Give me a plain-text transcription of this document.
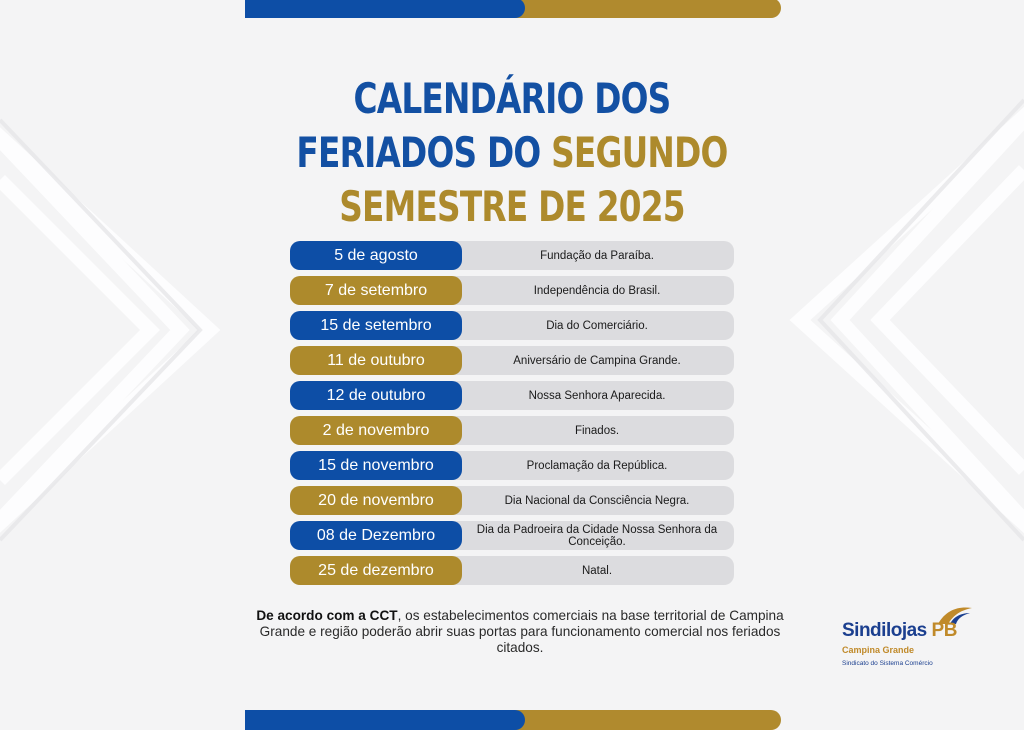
CALENDÁRIO DOS
FERIADOS DO SEGUNDO
SEMESTRE DE 2025
Fundação da Paraíba.
5 de agosto
Independência do Brasil.
7 de setembro
Dia do Comerciário.
15 de setembro
Aniversário de Campina Grande.
11 de outubro
Nossa Senhora Aparecida.
12 de outubro
Finados.
2 de novembro
Proclamação da República.
15 de novembro
Dia Nacional da Consciência Negra.
20 de novembro
Dia da Padroeira da Cidade Nossa Senhora da Conceição.
08 de Dezembro
Natal.
25 de dezembro
De acordo com a CCT, os estabelecimentos comerciais na base territorial de Campina Grande e região poderão abrir suas portas para funcionamento comercial nos feriados citados.
Sindilojas PB
Campina Grande
Sindicato do Sistema Comércio
